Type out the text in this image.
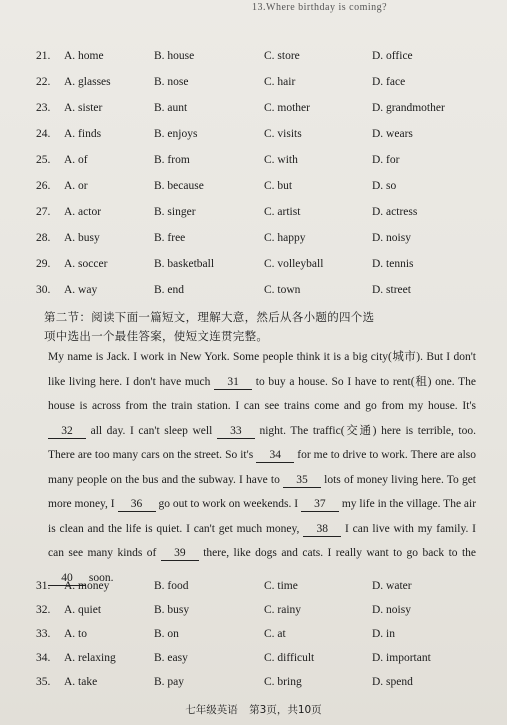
13.Where birthday is coming?
21. A. home	B. house	C. store	D. office
22. A. glasses	B. nose	C. hair	D. face
23. A. sister	B. aunt	C. mother	D. grandmother
24. A. finds	B. enjoys	C. visits	D. wears
25. A. of	B. from	C. with	D. for
26. A. or	B. because	C. but	D. so
27. A. actor	B. singer	C. artist	D. actress
28. A. busy	B. free	C. happy	D. noisy
29. A. soccer	B. basketball	C. volleyball	D. tennis
30. A. way	B. end	C. town	D. street
第二节：阅读下面一篇短文，理解大意，然后从各小题的四个选
项中选出一个最佳答案，使短文连贯完整。

My name is Jack. I work in New York. Some people think it is a big city(城市). But I don't like living here. I don't have much 31 to buy a house. So I have to rent(租) one. The house is across from the train station. I can see trains come and go from my house. It's 32 all day. I can't sleep well 33 night. The traffic(交通) here is terrible, too. There are too many cars on the street. So it's 34 for me to drive to work. There are also many people on the bus and the subway. I have to 35 lots of money living here. To get more money, I 36 go out to work on weekends. I 37 my life in the village. The air is clean and the life is quiet. I can't get much money, 38 I can live with my family. I can see many kinds of 39 there, like dogs and cats. I really want to go back to the 40 soon.

31. A. money	B. food	C. time	D. water
32. A. quiet	B. busy	C. rainy	D. noisy
33. A. to	B. on	C. at	D. in
34. A. relaxing	B. easy	C. difficult	D. important
35. A. take	B. pay	C. bring	D. spend
七年级英语 第3页，共10页
